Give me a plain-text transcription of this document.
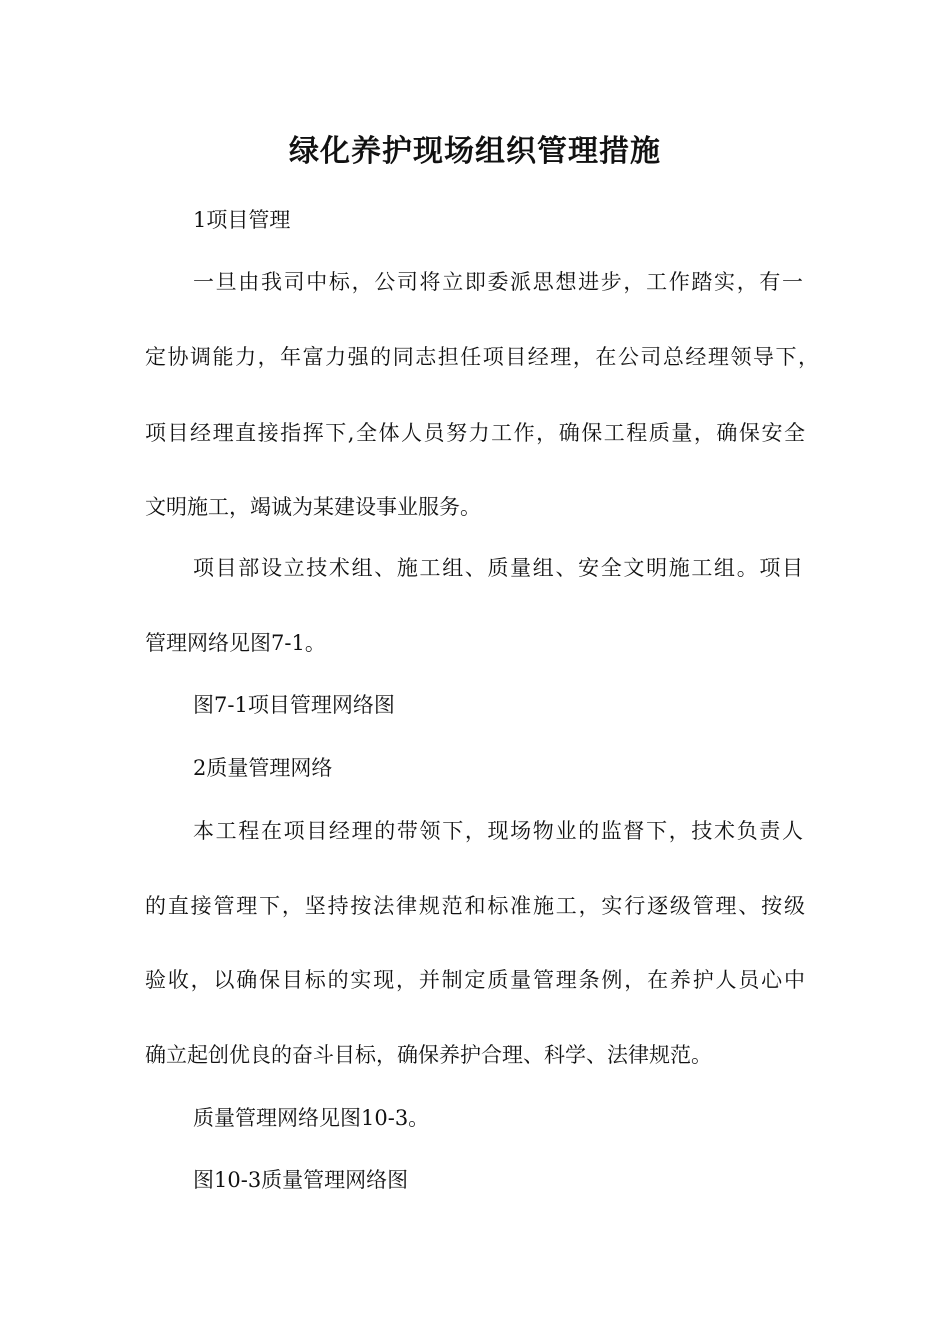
绿化养护现场组织管理措施

1项目管理

一旦由我司中标，公司将立即委派思想进步，工作踏实，有一

定协调能力，年富力强的同志担任项目经理，在公司总经理领导下，

项目经理直接指挥下,全体人员努力工作，确保工程质量，确保安全

文明施工，竭诚为某建设事业服务。

项目部设立技术组、施工组、质量组、安全文明施工组。项目

管理网络见图7-1。

图7-1项目管理网络图

2质量管理网络

本工程在项目经理的带领下，现场物业的监督下，技术负责人

的直接管理下，坚持按法律规范和标准施工，实行逐级管理、按级

验收，以确保目标的实现，并制定质量管理条例，在养护人员心中

确立起创优良的奋斗目标，确保养护合理、科学、法律规范。

质量管理网络见图10-3。

图10-3质量管理网络图
